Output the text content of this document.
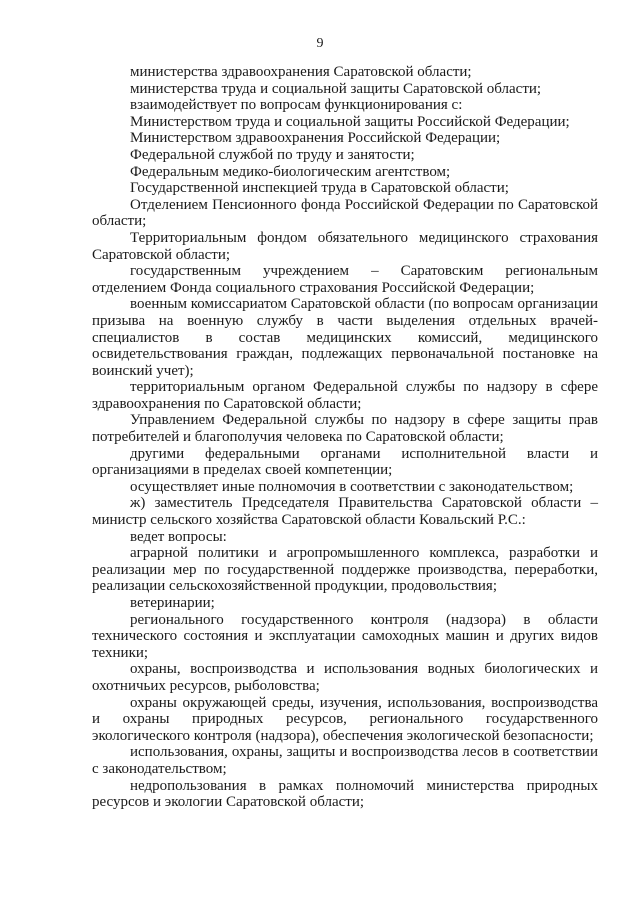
9

министерства здравоохранения Саратовской области;

министерства труда и социальной защиты Саратовской области;

взаимодействует по вопросам функционирования с:

Министерством труда и социальной защиты Российской Федерации;

Министерством здравоохранения Российской Федерации;

Федеральной службой по труду и занятости;

Федеральным медико-биологическим агентством;

Государственной инспекцией труда в Саратовской области;

Отделением Пенсионного фонда Российской Федерации по Саратовской области;

Территориальным фондом обязательного медицинского страхования Саратовской области;

государственным учреждением – Саратовским региональным отделением Фонда социального страхования Российской Федерации;

военным комиссариатом Саратовской области (по вопросам организации призыва на военную службу в части выделения отдельных врачей-специалистов в состав медицинских комиссий, медицинского освидетельствования граждан, подлежащих первоначальной постановке на воинский учет);

территориальным органом Федеральной службы по надзору в сфере здравоохранения по Саратовской области;

Управлением Федеральной службы по надзору в сфере защиты прав потребителей и благополучия человека по Саратовской области;

другими федеральными органами исполнительной власти и организациями в пределах своей компетенции;

осуществляет иные полномочия в соответствии с законодательством;

ж) заместитель Председателя Правительства Саратовской области – министр сельского хозяйства Саратовской области Ковальский Р.С.:

ведет вопросы:

аграрной политики и агропромышленного комплекса, разработки и реализации мер по государственной поддержке производства, переработки, реализации сельскохозяйственной продукции, продовольствия;

ветеринарии;

регионального государственного контроля (надзора) в области технического состояния и эксплуатации самоходных машин и других видов техники;

охраны, воспроизводства и использования водных биологических и охотничьих ресурсов, рыболовства;

охраны окружающей среды, изучения, использования, воспроизводства и охраны природных ресурсов, регионального государственного экологического контроля (надзора), обеспечения экологической безопасности;

использования, охраны, защиты и воспроизводства лесов в соответствии с законодательством;

недропользования в рамках полномочий министерства природных ресурсов и экологии Саратовской области;
